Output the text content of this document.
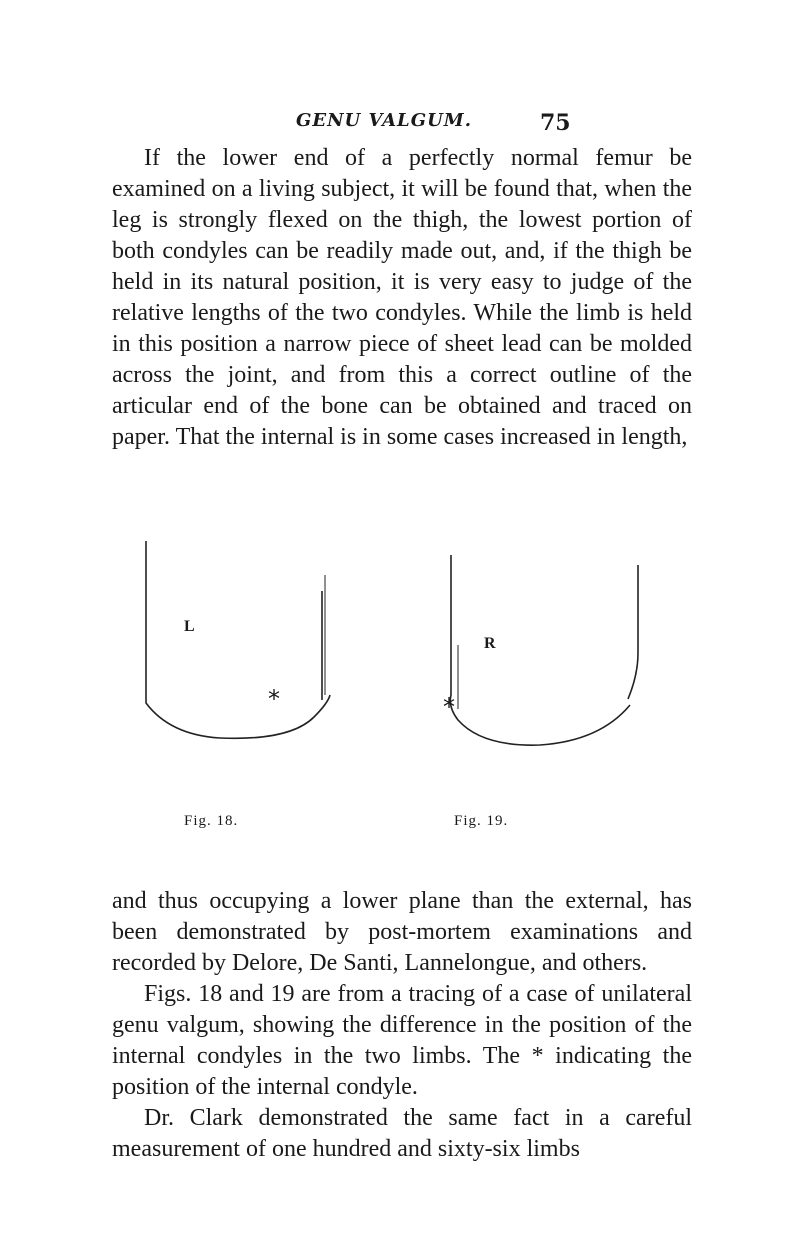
GENU VALGUM.	75

If the lower end of a perfectly normal femur be examined on a living subject, it will be found that, when the leg is strongly flexed on the thigh, the lowest portion of both condyles can be readily made out, and, if the thigh be held in its natural position, it is very easy to judge of the relative lengths of the two condyles. While the limb is held in this position a narrow piece of sheet lead can be molded across the joint, and from this a correct outline of the articular end of the bone can be obtained and traced on paper. That the internal is in some cases increased in length,

L
R
*	*
Fig. 18.	Fig. 19.

and thus occupying a lower plane than the external, has been demonstrated by post-mortem examinations and recorded by Delore, De Santi, Lannelongue, and others.

Figs. 18 and 19 are from a tracing of a case of unilateral genu valgum, showing the difference in the position of the internal condyles in the two limbs. The * indicating the position of the internal condyle.

Dr. Clark demonstrated the same fact in a careful measurement of one hundred and sixty-six limbs
